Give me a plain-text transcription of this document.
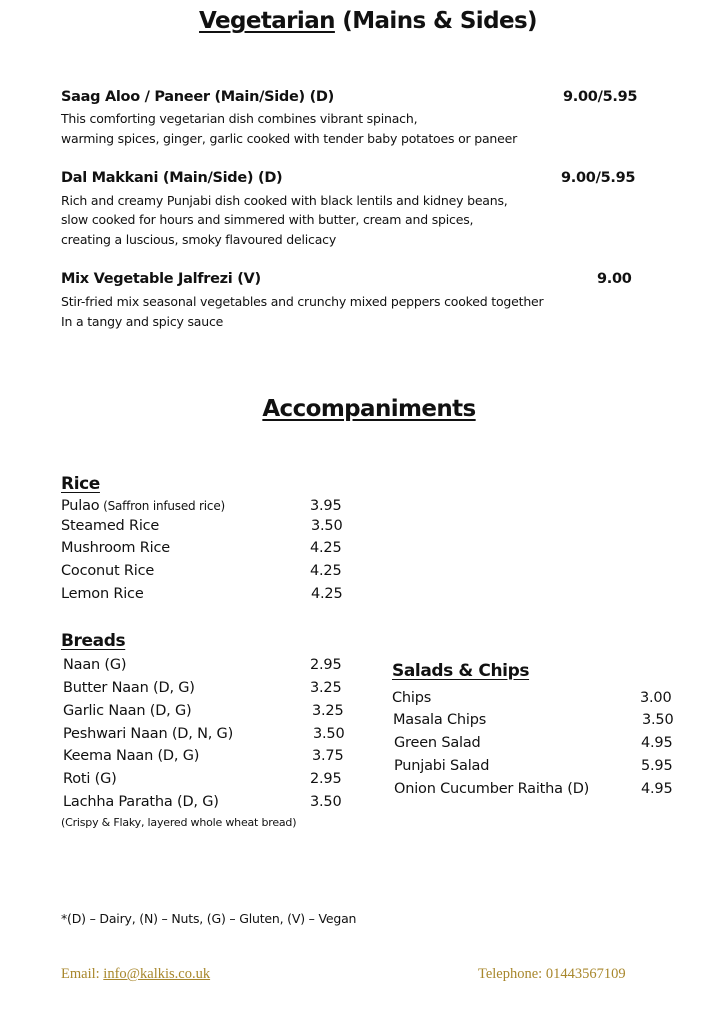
Vegetarian (Mains & Sides)
Saag Aloo / Paneer (Main/Side) (D)	9.00/5.95
This comforting vegetarian dish combines vibrant spinach,
warming spices, ginger, garlic cooked with tender baby potatoes or paneer
Dal Makkani (Main/Side) (D)	9.00/5.95
Rich and creamy Punjabi dish cooked with black lentils and kidney beans,
slow cooked for hours and simmered with butter, cream and spices,
creating a luscious, smoky flavoured delicacy
Mix Vegetable Jalfrezi (V)	9.00
Stir-fried mix seasonal vegetables and crunchy mixed peppers cooked together
In a tangy and spicy sauce
Accompaniments
Rice
Pulao (Saffron infused rice)	3.95
Steamed Rice	3.50
Mushroom Rice	4.25
Coconut Rice	4.25
Lemon Rice	4.25
Breads
Naan (G)	2.95
Butter Naan (D, G)	3.25
Garlic Naan (D, G)	3.25
Peshwari Naan (D, N, G)	3.50
Keema Naan (D, G)	3.75
Roti (G)	2.95
Lachha Paratha (D, G)	3.50
(Crispy & Flaky, layered whole wheat bread)
Salads & Chips
Chips	3.00
Masala Chips	3.50
Green Salad	4.95
Punjabi Salad	5.95
Onion Cucumber Raitha (D)	4.95
*(D) – Dairy, (N) – Nuts, (G) – Gluten, (V) – Vegan
Email: info@kalkis.co.uk	Telephone: 01443567109
